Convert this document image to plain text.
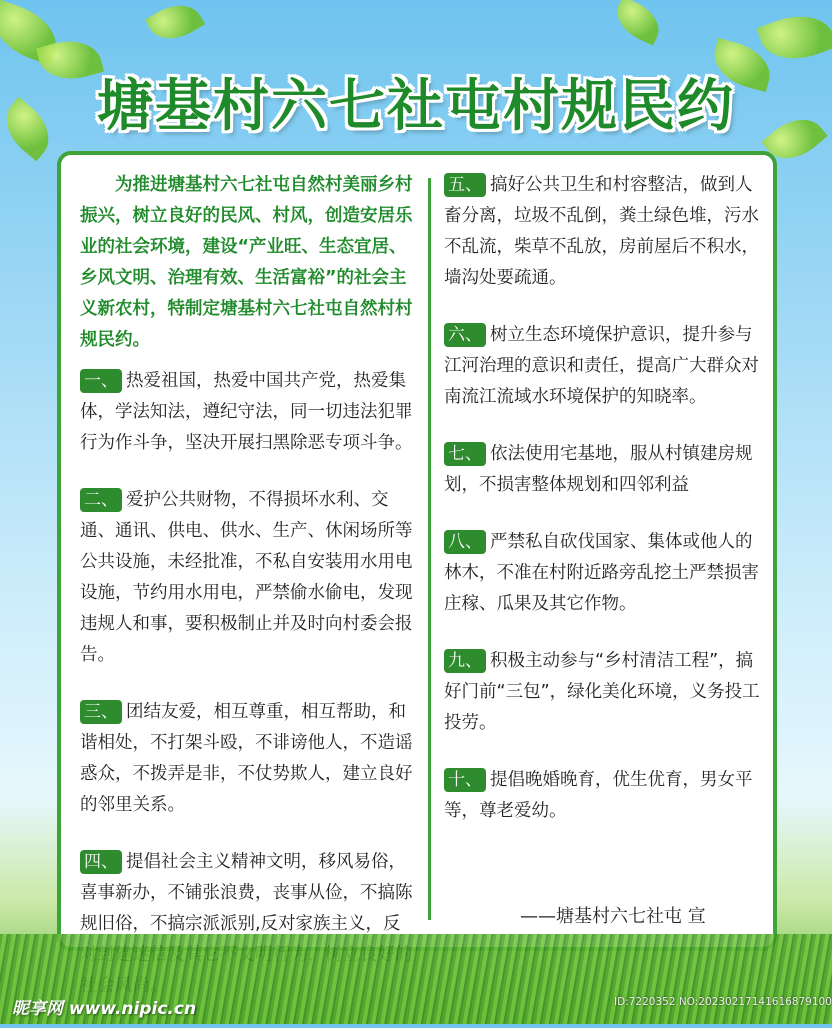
塘基村六七社屯村规民约

为推进塘基村六七社屯自然村美丽乡村振兴，树立良好的民风、村风，创造安居乐业的社会环境，建设“产业旺、生态宜居、乡风文明、治理有效、生活富裕”的社会主义新农村，特制定塘基村六七社屯自然村村规民约。

一、 热爱祖国，热爱中国共产党，热爱集体，学法知法，遵纪守法，同一切违法犯罪行为作斗争，坚决开展扫黑除恶专项斗争。
二、 爱护公共财物，不得损坏水利、交通、通讯、供电、供水、生产、休闲场所等公共设施，未经批准，不私自安装用水用电设施，节约用水用电，严禁偷水偷电，发现违规人和事，要积极制止并及时向村委会报告。
三、 团结友爱，相互尊重，相互帮助，和谐相处，不打架斗殴，不诽谤他人，不造谣惑众，不拨弄是非，不仗势欺人，建立良好的邻里关系。
四、 提倡社会主义精神文明，移风易俗，喜事新办，不铺张浪费，丧事从俭，不搞陈规旧俗，不搞宗派派别,反对家族主义，反
五、 搞好公共卫生和村容整洁，做到人畜分离，垃圾不乱倒，粪土绿色堆，污水不乱流，柴草不乱放，房前屋后不积水，墙沟处要疏通。
六、 树立生态环境保护意识，提升参与江河治理的意识和责任，提高广大群众对南流江流域水环境保护的知晓率。
七、 依法使用宅基地，服从村镇建房规划，不损害整体规划和四邻利益
八、 严禁私自砍伐国家、集体或他人的林木，不准在村附近路旁乱挖土严禁损害庄稼、瓜果及其它作物。
九、 积极主动参与“乡村清洁工程”，搞好门前“三包”，绿化美化环境，义务投工投劳。
十、 提倡晚婚晚育，优生优育，男女平等，尊老爱幼。
——塘基村六七社屯 宣
昵享网 www.nipic.cn	ID:7220352 NO:20230217141616879100
